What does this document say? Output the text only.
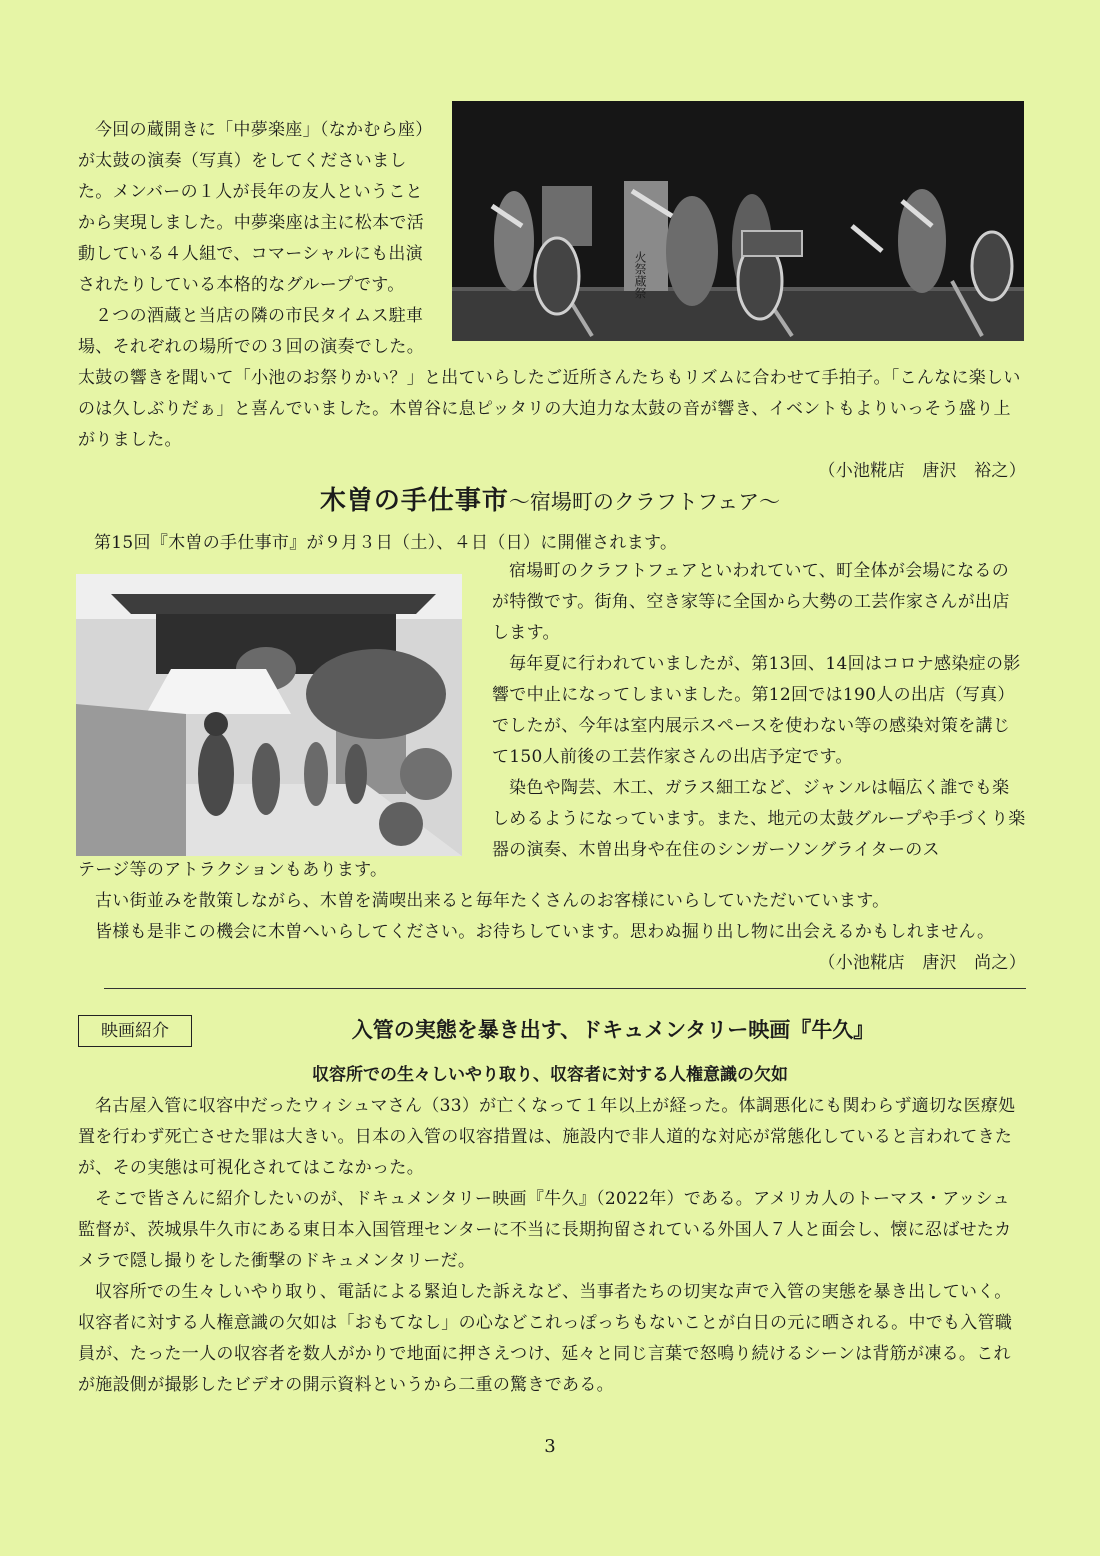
火祭蔵祭

今回の蔵開きに「中夢楽座」（なかむら座）が太鼓の演奏（写真）をしてくださいました。メンバーの１人が長年の友人ということから実現しました。中夢楽座は主に松本で活動している４人組で、コマーシャルにも出演されたりしている本格的なグループです。

２つの酒蔵と当店の隣の市民タイムス駐車場、それぞれの場所での３回の演奏でした。

太鼓の響きを聞いて「小池のお祭りかい？」と出ていらしたご近所さんたちもリズムに合わせて手拍子。「こんなに楽しいのは久しぶりだぁ」と喜んでいました。木曽谷に息ピッタリの大迫力な太鼓の音が響き、イベントもよりいっそう盛り上がりました。

（小池糀店　唐沢　裕之）

木曽の手仕事市～宿場町のクラフトフェア～
第15回『木曽の手仕事市』が９月３日（土）、４日（日）に開催されます。

宿場町のクラフトフェアといわれていて、町全体が会場になるのが特徴です。街角、空き家等に全国から大勢の工芸作家さんが出店します。

毎年夏に行われていましたが、第13回、14回はコロナ感染症の影響で中止になってしまいました。第12回では190人の出店（写真）でしたが、今年は室内展示スペースを使わない等の感染対策を講じて150人前後の工芸作家さんの出店予定です。

染色や陶芸、木工、ガラス細工など、ジャンルは幅広く誰でも楽しめるようになっています。また、地元の太鼓グループや手づくり楽器の演奏、木曽出身や在住のシンガーソングライターのス

テージ等のアトラクションもあります。

古い街並みを散策しながら、木曽を満喫出来ると毎年たくさんのお客様にいらしていただいています。

皆様も是非この機会に木曽へいらしてください。お待ちしています。思わぬ掘り出し物に出会えるかもしれません。

（小池糀店　唐沢　尚之）

映画紹介	入管の実態を暴き出す、ドキュメンタリー映画『牛久』
収容所での生々しいやり取り、収容者に対する人権意識の欠如

名古屋入管に収容中だったウィシュマさん（33）が亡くなって１年以上が経った。体調悪化にも関わらず適切な医療処置を行わず死亡させた罪は大きい。日本の入管の収容措置は、施設内で非人道的な対応が常態化していると言われてきたが、その実態は可視化されてはこなかった。

そこで皆さんに紹介したいのが、ドキュメンタリー映画『牛久』（2022年）である。アメリカ人のトーマス・アッシュ監督が、茨城県牛久市にある東日本入国管理センターに不当に長期拘留されている外国人７人と面会し、懐に忍ばせたカメラで隠し撮りをした衝撃のドキュメンタリーだ。

収容所での生々しいやり取り、電話による緊迫した訴えなど、当事者たちの切実な声で入管の実態を暴き出していく。収容者に対する人権意識の欠如は「おもてなし」の心などこれっぽっちもないことが白日の元に晒される。中でも入管職員が、たった一人の収容者を数人がかりで地面に押さえつけ、延々と同じ言葉で怒鳴り続けるシーンは背筋が凍る。これが施設側が撮影したビデオの開示資料というから二重の驚きである。

3
